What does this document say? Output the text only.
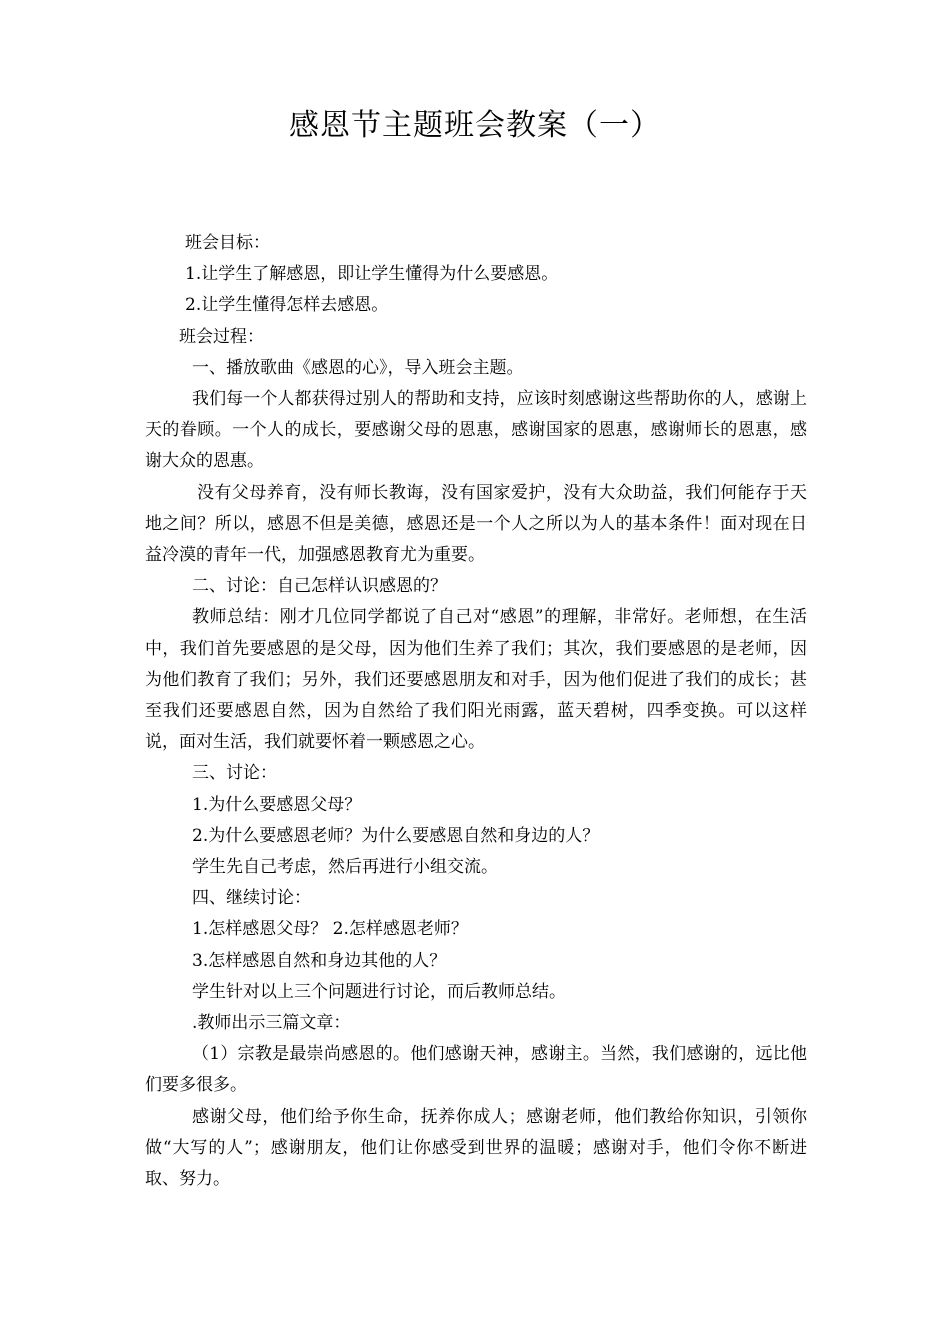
感恩节主题班会教案（一）

班会目标：

1.让学生了解感恩，即让学生懂得为什么要感恩。

2.让学生懂得怎样去感恩。

班会过程：

一、播放歌曲《感恩的心》，导入班会主题。

我们每一个人都获得过别人的帮助和支持，应该时刻感谢这些帮助你的人，感谢上天的眷顾。一个人的成长，要感谢父母的恩惠，感谢国家的恩惠，感谢师长的恩惠，感谢大众的恩惠。

没有父母养育，没有师长教诲，没有国家爱护，没有大众助益，我们何能存于天地之间？所以，感恩不但是美德，感恩还是一个人之所以为人的基本条件！面对现在日益冷漠的青年一代，加强感恩教育尤为重要。

二、讨论：自己怎样认识感恩的？

教师总结：刚才几位同学都说了自己对“感恩”的理解，非常好。老师想，在生活中，我们首先要感恩的是父母，因为他们生养了我们；其次，我们要感恩的是老师，因为他们教育了我们；另外，我们还要感恩朋友和对手，因为他们促进了我们的成长；甚至我们还要感恩自然，因为自然给了我们阳光雨露，蓝天碧树，四季变换。可以这样说，面对生活，我们就要怀着一颗感恩之心。

三、讨论：

1.为什么要感恩父母？

2.为什么要感恩老师？为什么要感恩自然和身边的人？

学生先自己考虑，然后再进行小组交流。

四、继续讨论：

1.怎样感恩父母？ 2.怎样感恩老师？

3.怎样感恩自然和身边其他的人？

学生针对以上三个问题进行讨论，而后教师总结。

.教师出示三篇文章：

（1）宗教是最崇尚感恩的。他们感谢天神，感谢主。当然，我们感谢的，远比他们要多很多。

感谢父母，他们给予你生命，抚养你成人；感谢老师，他们教给你知识，引领你做“大写的人”；感谢朋友，他们让你感受到世界的温暖；感谢对手，他们令你不断进取、努力。
